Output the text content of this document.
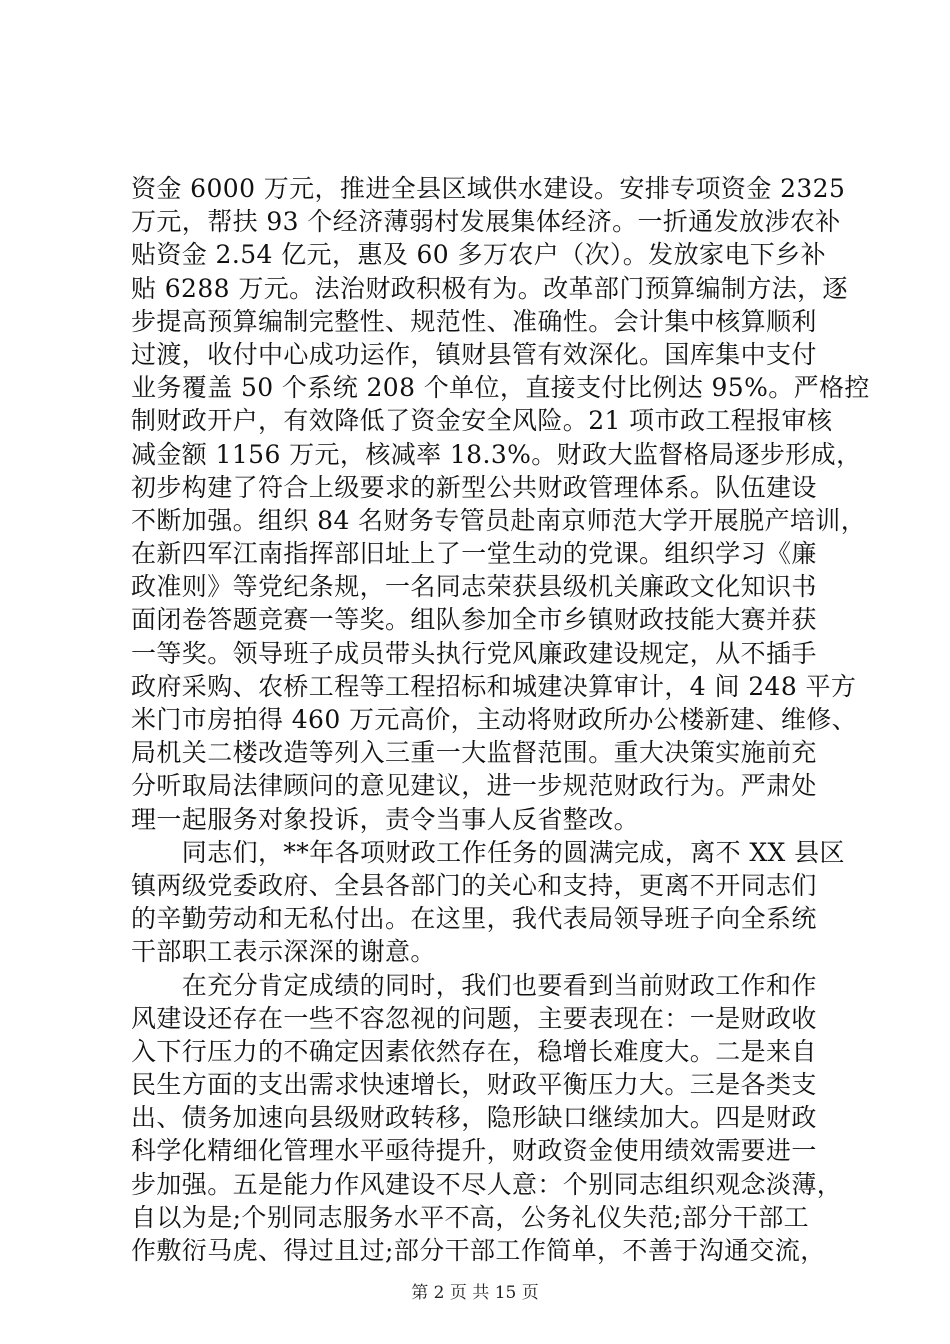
资金 6000 万元，推进全县区域供水建设。安排专项资金 2325
万元，帮扶 93 个经济薄弱村发展集体经济。一折通发放涉农补
贴资金 2.54 亿元，惠及 60 多万农户（次）。发放家电下乡补
贴 6288 万元。法治财政积极有为。改革部门预算编制方法，逐
步提高预算编制完整性、规范性、准确性。会计集中核算顺利
过渡，收付中心成功运作，镇财县管有效深化。国库集中支付
业务覆盖 50 个系统 208 个单位，直接支付比例达 95%。严格控
制财政开户，有效降低了资金安全风险。21 项市政工程报审核
减金额 1156 万元，核减率 18.3%。财政大监督格局逐步形成，
初步构建了符合上级要求的新型公共财政管理体系。队伍建设
不断加强。组织 84 名财务专管员赴南京师范大学开展脱产培训，
在新四军江南指挥部旧址上了一堂生动的党课。组织学习《廉
政准则》等党纪条规，一名同志荣获县级机关廉政文化知识书
面闭卷答题竞赛一等奖。组队参加全市乡镇财政技能大赛并获
一等奖。领导班子成员带头执行党风廉政建设规定，从不插手
政府采购、农桥工程等工程招标和城建决算审计，4 间 248 平方
米门市房拍得 460 万元高价，主动将财政所办公楼新建、维修、
局机关二楼改造等列入三重一大监督范围。重大决策实施前充
分听取局法律顾问的意见建议，进一步规范财政行为。严肃处
理一起服务对象投诉，责令当事人反省整改。
　　同志们，**年各项财政工作任务的圆满完成，离不 XX 县区
镇两级党委政府、全县各部门的关心和支持，更离不开同志们
的辛勤劳动和无私付出。在这里，我代表局领导班子向全系统
干部职工表示深深的谢意。
　　在充分肯定成绩的同时，我们也要看到当前财政工作和作
风建设还存在一些不容忽视的问题，主要表现在：一是财政收
入下行压力的不确定因素依然存在，稳增长难度大。二是来自
民生方面的支出需求快速增长，财政平衡压力大。三是各类支
出、债务加速向县级财政转移，隐形缺口继续加大。四是财政
科学化精细化管理水平亟待提升，财政资金使用绩效需要进一
步加强。五是能力作风建设不尽人意：个别同志组织观念淡薄，
自以为是;个别同志服务水平不高，公务礼仪失范;部分干部工
作敷衍马虎、得过且过;部分干部工作简单，不善于沟通交流，
第 2 页 共 15 页
